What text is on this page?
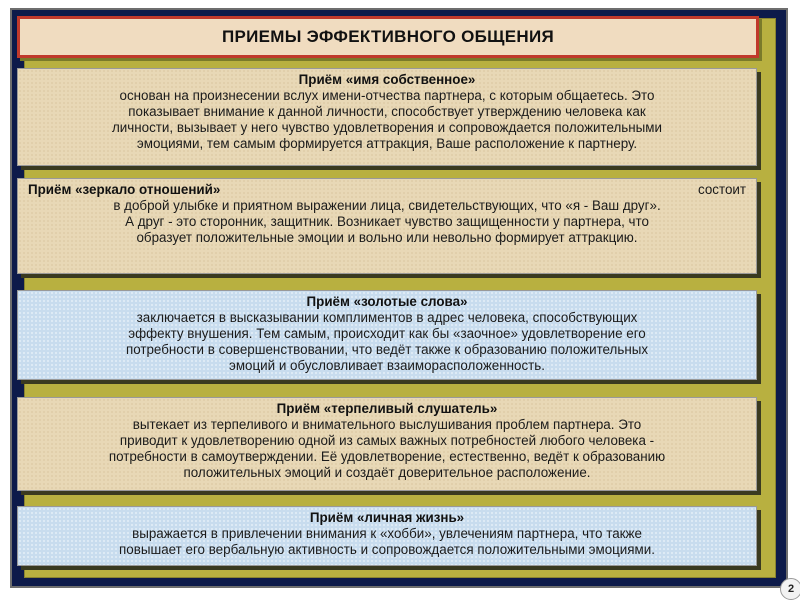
ПРИЕМЫ ЭФФЕКТИВНОГО ОБЩЕНИЯ
Приём «имя собственное»
основан на произнесении вслух имени-отчества партнера, с которым общаетесь. Это
показывает внимание к данной личности, способствует утверждению человека как
личности, вызывает у него чувство удовлетворения и сопровождается положительными
эмоциями, тем самым формируется аттракция, Ваше расположение к партнеру.
Приём «зеркало отношений»	состоит
в доброй улыбке и приятном выражении лица, свидетельствующих, что «я - Ваш друг».
А друг - это сторонник, защитник. Возникает чувство защищенности у партнера, что
образует положительные эмоции и вольно или невольно формирует аттракцию.
Приём «золотые слова»
заключается в высказывании комплиментов в адрес человека, способствующих
эффекту внушения. Тем самым, происходит как бы «заочное» удовлетворение его
потребности в совершенствовании, что ведёт также к образованию положительных
эмоций и обусловливает взаиморасположенность.
Приём «терпеливый слушатель»
вытекает из терпеливого и внимательного выслушивания проблем партнера. Это
приводит к удовлетворению одной из самых важных потребностей любого человека -
потребности в самоутверждении. Её удовлетворение, естественно, ведёт к образованию
положительных эмоций и создаёт доверительное расположение.
Приём «личная жизнь»
выражается в привлечении внимания к «хобби», увлечениям партнера, что также
повышает его вербальную активность и сопровождается положительными эмоциями.
2
